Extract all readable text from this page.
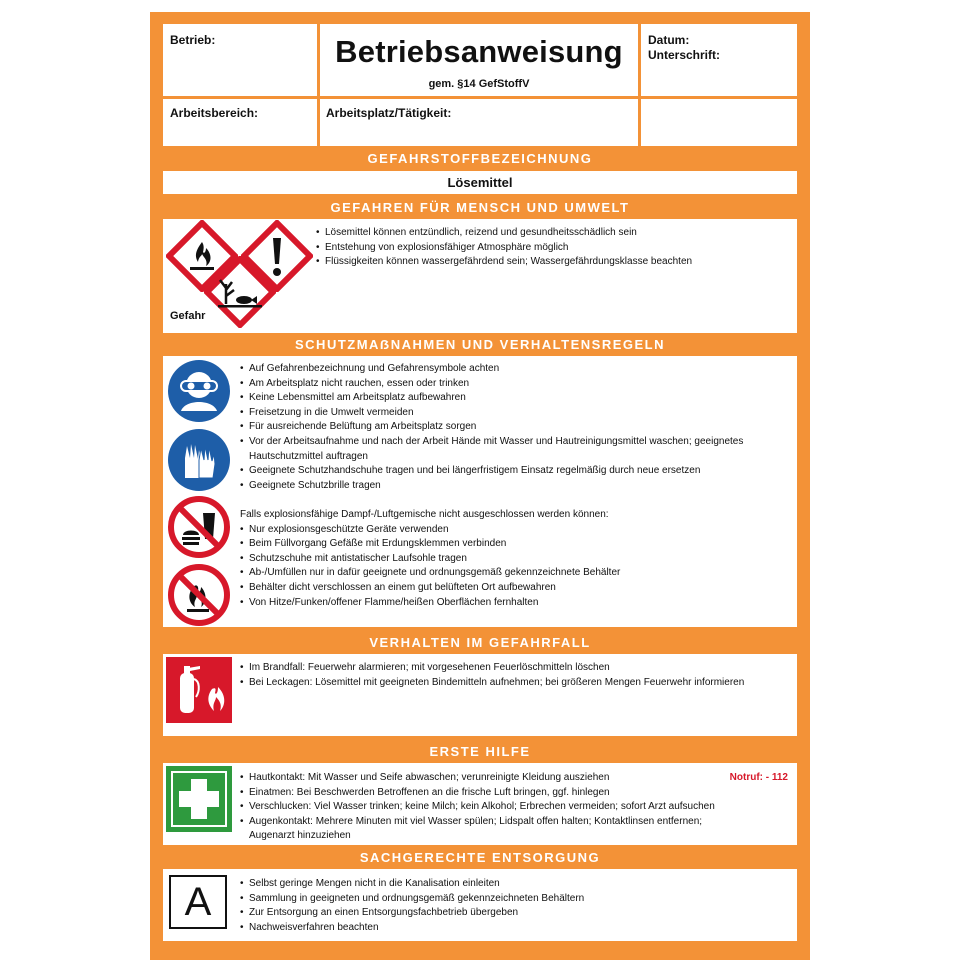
Betrieb:	Betriebsanweisung
gem. §14 GefStoffV
Datum:
Unterschrift:
Arbeitsbereich:	Arbeitsplatz/Tätigkeit:
GEFAHRSTOFFBEZEICHNUNG
Lösemittel
GEFAHREN FÜR MENSCH UND UMWELT
Gefahr
• Lösemittel können entzündlich, reizend und gesundheitsschädlich sein
• Entstehung von explosionsfähiger Atmosphäre möglich
• Flüssigkeiten können wassergefährdend sein; Wassergefährdungsklasse beachten
SCHUTZMAẞNAHMEN UND VERHALTENSREGELN
• Auf Gefahrenbezeichnung und Gefahrensymbole achten
• Am Arbeitsplatz nicht rauchen, essen oder trinken
• Keine Lebensmittel am Arbeitsplatz aufbewahren
• Freisetzung in die Umwelt vermeiden
• Für ausreichende Belüftung am Arbeitsplatz sorgen
• Vor der Arbeitsaufnahme und nach der Arbeit Hände mit Wasser und Hautreinigungsmittel waschen; geeignetes Hautschutzmittel auftragen
• Geeignete Schutzhandschuhe tragen und bei längerfristigem Einsatz regelmäßig durch neue ersetzen
• Geeignete Schutzbrille tragen
Falls explosionsfähige Dampf-/Luftgemische nicht ausgeschlossen werden können:
• Nur explosionsgeschützte Geräte verwenden
• Beim Füllvorgang Gefäße mit Erdungsklemmen verbinden
• Schutzschuhe mit antistatischer Laufsohle tragen
• Ab-/Umfüllen nur in dafür geeignete und ordnungsgemäß gekennzeichnete Behälter
• Behälter dicht verschlossen an einem gut belüfteten Ort aufbewahren
• Von Hitze/Funken/offener Flamme/heißen Oberflächen fernhalten
VERHALTEN IM GEFAHRFALL
• Im Brandfall: Feuerwehr alarmieren; mit vorgesehenen Feuerlöschmitteln löschen
• Bei Leckagen: Lösemittel mit geeigneten Bindemitteln aufnehmen; bei größeren Mengen Feuerwehr informieren
ERSTE HILFE
Notruf: - 112
• Hautkontakt: Mit Wasser und Seife abwaschen; verunreinigte Kleidung ausziehen
• Einatmen: Bei Beschwerden Betroffenen an die frische Luft bringen, ggf. hinlegen
• Verschlucken: Viel Wasser trinken; keine Milch; kein Alkohol; Erbrechen vermeiden; sofort Arzt aufsuchen
• Augenkontakt: Mehrere Minuten mit viel Wasser spülen; Lidspalt offen halten; Kontaktlinsen entfernen; Augenarzt hinzuziehen
SACHGERECHTE ENTSORGUNG
A
•	Selbst geringe Mengen nicht in die Kanalisation einleiten
• Sammlung in geeigneten und ordnungsgemäß gekennzeichneten Behältern
• Zur Entsorgung an einen Entsorgungsfachbetrieb übergeben
• Nachweisverfahren beachten
